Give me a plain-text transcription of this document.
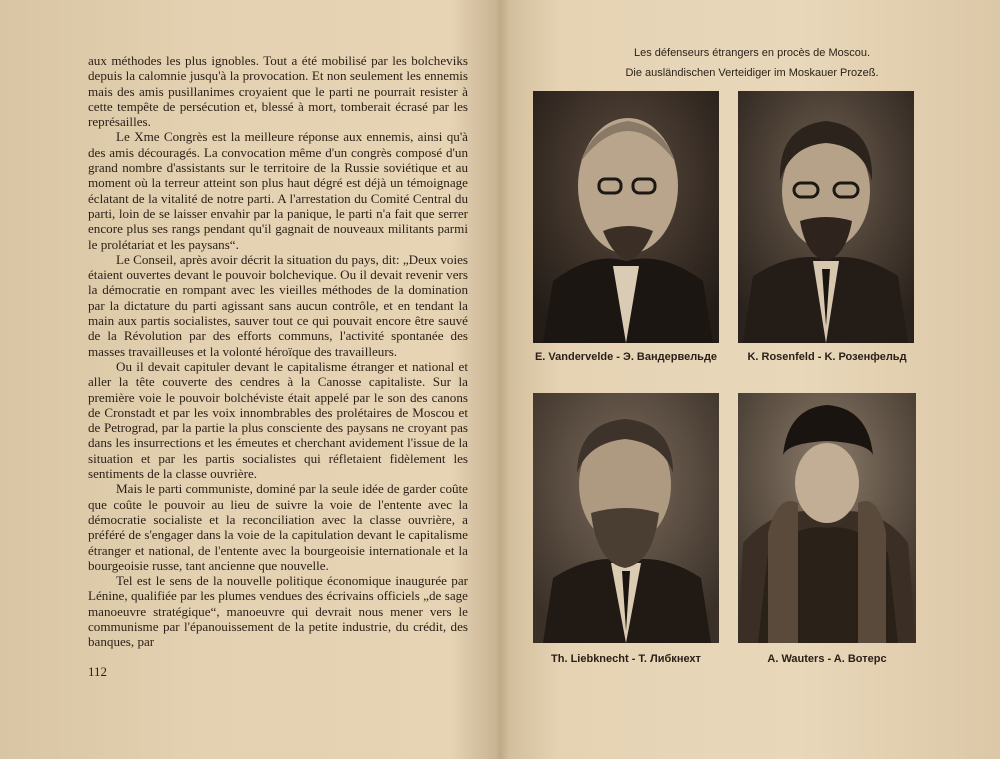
aux méthodes les plus ignobles. Tout a été mobilisé par les bolcheviks depuis la calomnie jusqu'à la provocation. Et non seulement les ennemis mais des amis pusillanimes croyaient que le parti ne pourrait resister à cette tempête de persécution et, blessé à mort, tomberait écrasé par les représailles.

Le Xme Congrès est la meilleure réponse aux ennemis, ainsi qu'à des amis découragés. La convocation même d'un congrès composé d'un grand nombre d'assistants sur le territoire de la Russie soviétique et au moment où la terreur atteint son plus haut dégré est déjà un témoignage éclatant de la vitalité de notre parti. A l'arrestation du Comité Central du parti, loin de se laisser envahir par la panique, le parti n'a fait que serrer encore plus ses rangs pendant qu'il gagnait de nouveaux militants parmi le prolétariat et les paysans“.

Le Conseil, après avoir décrit la situation du pays, dit: „Deux voies étaient ouvertes devant le pouvoir bolchevique. Ou il devait revenir vers la démocratie en rompant avec les vieilles méthodes de la domination par la dictature du parti agissant sans aucun contrôle, et en tendant la main aux partis socialistes, sauver tout ce qui pouvait encore être sauvé de la Révolution par des efforts communs, l'activité spontanée des masses travailleuses et la volonté héroïque des travailleurs.

Ou il devait capituler devant le capitalisme étranger et national et aller la tête couverte des cendres à la Canosse capitaliste. Sur la première voie le pouvoir bolchéviste était appelé par le son des canons de Cronstadt et par les voix innombrables des prolétaires de Moscou et de Petrograd, par la partie la plus consciente des paysans ne croyant pas dans les insurrections et les émeutes et cherchant avidement l'issue de la situation et par les partis socialistes qui réfletaient fidèlement les sentiments de la classe ouvrière.

Mais le parti communiste, dominé par la seule idée de garder coûte que coûte le pouvoir au lieu de suivre la voie de l'entente avec la démocratie socialiste et la reconciliation avec la classe ouvrière, a préféré de s'engager dans la voie de la capitulation devant le capitalisme étranger et national, de l'entente avec la bourgeoisie internationale et la bourgeoisie russe, tant ancienne que nouvelle.

Tel est le sens de la nouvelle politique économique inaugurée par Lénine, qualifiée par les plumes vendues des écrivains officiels „de sage manoeuvre stratégique“, manoeuvre qui devrait nous mener vers le communisme par l'épanouissement de la petite industrie, du crédit, des banques, par

112
Les défenseurs étrangers en procès de Moscou.
Die ausländischen Verteidiger im Moskauer Prozeß.
E. Vandervelde - Э. Вандервельде	K. Rosenfeld - K. Розенфельд
Th. Liebknecht - T. Либкнехт	A. Wauters - A. Вотерс
